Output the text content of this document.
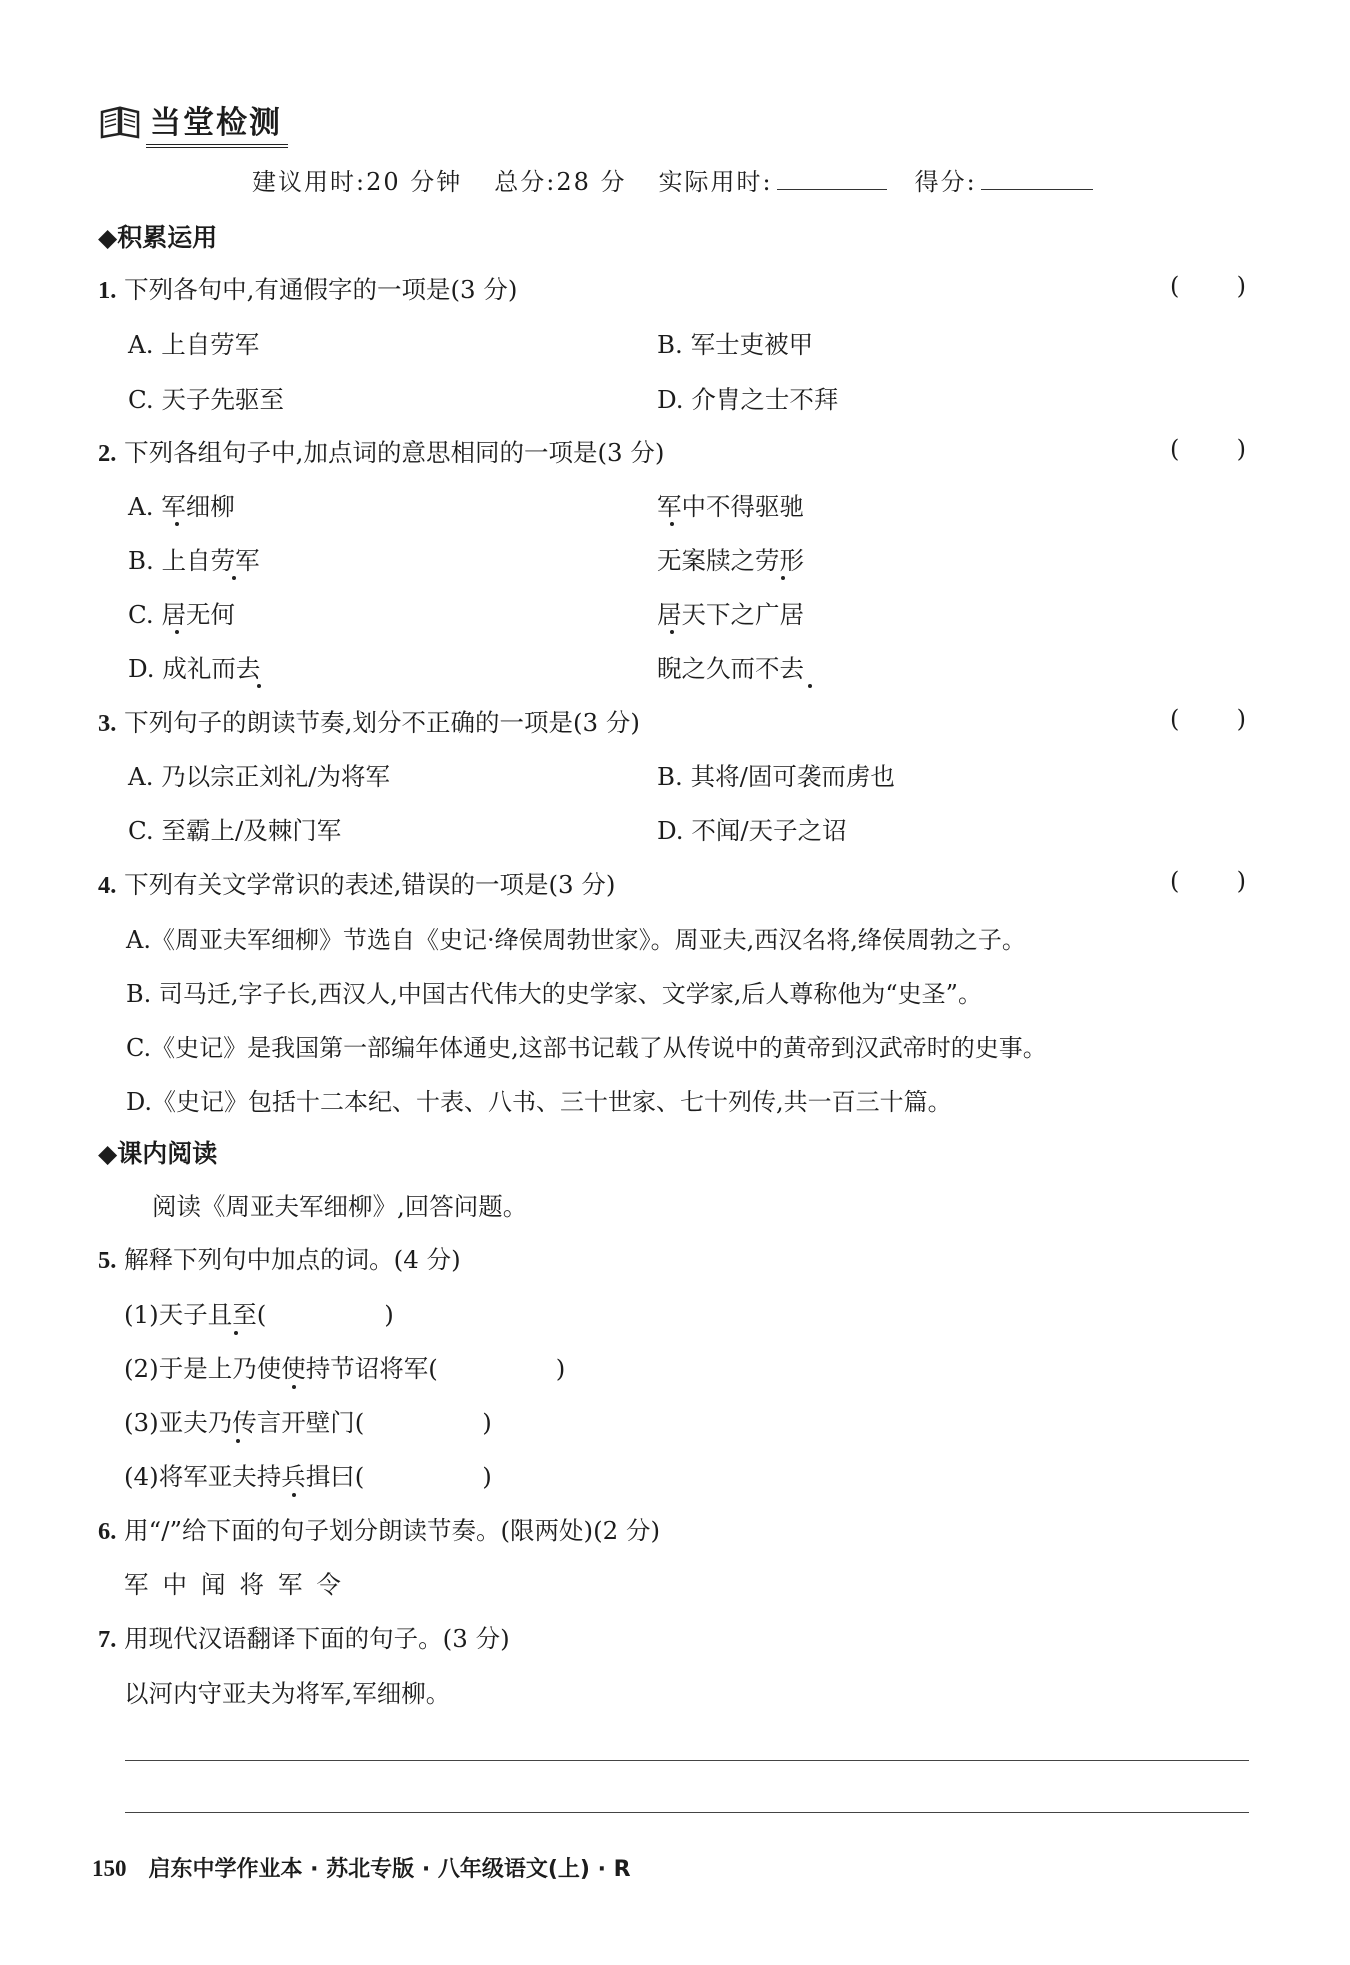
当堂检测
建议用时:20 分钟 总分:28 分 实际用时:	得分:
◆积累运用
1. 下列各句中,有通假字的一项是(3 分)	( )
A. 上自劳军	B. 军士吏被甲
C. 天子先驱至	D. 介胄之士不拜
2. 下列各组句子中,加点词的意思相同的一项是(3 分)	( )
A. 军细柳	军中不得驱驰
B. 上自劳军	无案牍之劳形
C. 居无何	居天下之广居
D. 成礼而去	睨之久而不去
3. 下列句子的朗读节奏,划分不正确的一项是(3 分)	( )
A. 乃以宗正刘礼/为将军	B. 其将/固可袭而虏也
C. 至霸上/及棘门军	D. 不闻/天子之诏
4. 下列有关文学常识的表述,错误的一项是(3 分)	( )
A.《周亚夫军细柳》节选自《史记·绛侯周勃世家》。周亚夫,西汉名将,绛侯周勃之子。
B. 司马迁,字子长,西汉人,中国古代伟大的史学家、文学家,后人尊称他为“史圣”。
C.《史记》是我国第一部编年体通史,这部书记载了从传说中的黄帝到汉武帝时的史事。
D.《史记》包括十二本纪、十表、八书、三十世家、七十列传,共一百三十篇。
◆课内阅读
阅读《周亚夫军细柳》,回答问题。
5. 解释下列句中加点的词。(4 分)
(1)天子且至(	)
(2)于是上乃使使持节诏将军(	)
(3)亚夫乃传言开壁门(	)
(4)将军亚夫持兵揖曰(	)
6. 用“/”给下面的句子划分朗读节奏。(限两处)(2 分)
军中闻将军令
7. 用现代汉语翻译下面的句子。(3 分)
以河内守亚夫为将军,军细柳。
150 启东中学作业本 · 苏北专版 · 八年级语文(上) · R
